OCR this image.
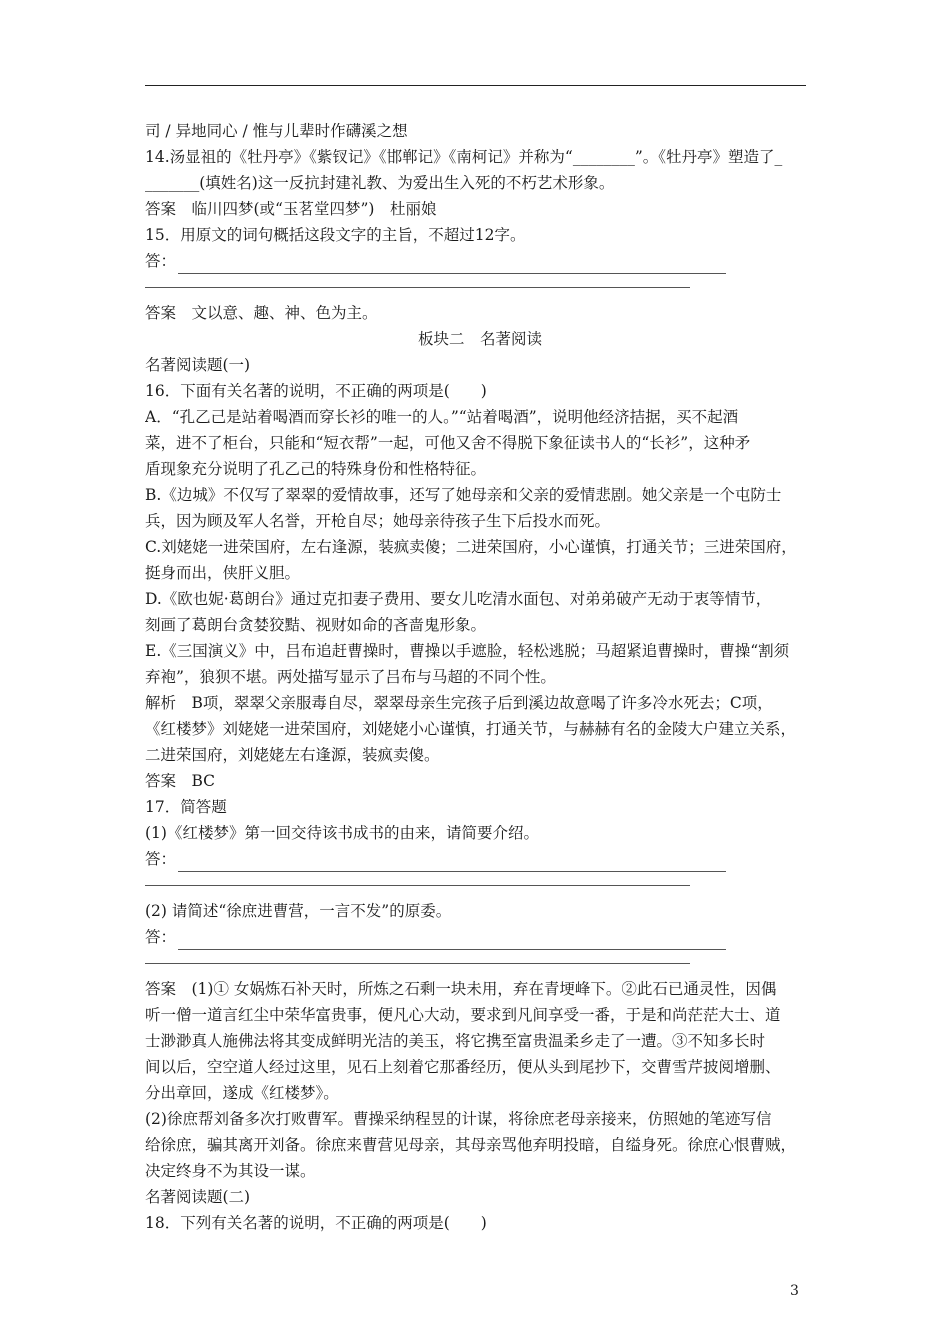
司 / 异地同心 / 惟与儿辈时作礴溪之想
14.汤显祖的《牡丹亭》《紫钗记》《邯郸记》《南柯记》并称为“________”。《牡丹亭》塑造了_
_______(填姓名)这一反抗封建礼教、为爱出生入死的不朽艺术形象。
答案　临川四梦(或“玉茗堂四梦”)　杜丽娘
15．用原文的词句概括这段文字的主旨，不超过12字。
答：
答案　文以意、趣、神、色为主。
板块二　名著阅读
名著阅读题(一)
16．下面有关名著的说明，不正确的两项是(　　)
A．“孔乙己是站着喝酒而穿长衫的唯一的人。”“站着喝酒”，说明他经济拮据，买不起酒
菜，进不了柜台，只能和“短衣帮”一起，可他又舍不得脱下象征读书人的“长衫”，这种矛
盾现象充分说明了孔乙己的特殊身份和性格特征。
B.《边城》不仅写了翠翠的爱情故事，还写了她母亲和父亲的爱情悲剧。她父亲是一个屯防士
兵，因为顾及军人名誉，开枪自尽；她母亲待孩子生下后投水而死。
C.刘姥姥一进荣国府，左右逢源，装疯卖傻；二进荣国府，小心谨慎，打通关节；三进荣国府，
挺身而出，侠肝义胆。
D.《欧也妮·葛朗台》通过克扣妻子费用、要女儿吃清水面包、对弟弟破产无动于衷等情节，
刻画了葛朗台贪婪狡黠、视财如命的吝啬鬼形象。
E.《三国演义》中，吕布追赶曹操时，曹操以手遮脸，轻松逃脱；马超紧追曹操时，曹操“割须
弃袍”，狼狈不堪。两处描写显示了吕布与马超的不同个性。
解析　B项，翠翠父亲服毒自尽，翠翠母亲生完孩子后到溪边故意喝了许多冷水死去；C项，
《红楼梦》刘姥姥一进荣国府，刘姥姥小心谨慎，打通关节，与赫赫有名的金陵大户建立关系，
二进荣国府，刘姥姥左右逢源，装疯卖傻。
答案　BC
17．简答题
(1)《红楼梦》第一回交待该书成书的由来，请简要介绍。
答：
(2) 请简述“徐庶进曹营，一言不发”的原委。
答：
答案　(1)① 女娲炼石补天时，所炼之石剩一块未用，弃在青埂峰下。②此石已通灵性，因偶
听一僧一道言红尘中荣华富贵事，便凡心大动，要求到凡间享受一番，于是和尚茫茫大士、道
士渺渺真人施佛法将其变成鲜明光洁的美玉，将它携至富贵温柔乡走了一遭。③不知多长时
间以后，空空道人经过这里，见石上刻着它那番经历，便从头到尾抄下，交曹雪芹披阅增删、
分出章回，遂成《红楼梦》。
(2)徐庶帮刘备多次打败曹军。曹操采纳程昱的计谋，将徐庶老母亲接来，仿照她的笔迹写信
给徐庶，骗其离开刘备。徐庶来曹营见母亲，其母亲骂他弃明投暗，自缢身死。徐庶心恨曹贼，
决定终身不为其设一谋。
名著阅读题(二)
18．下列有关名著的说明，不正确的两项是(　　)
3
